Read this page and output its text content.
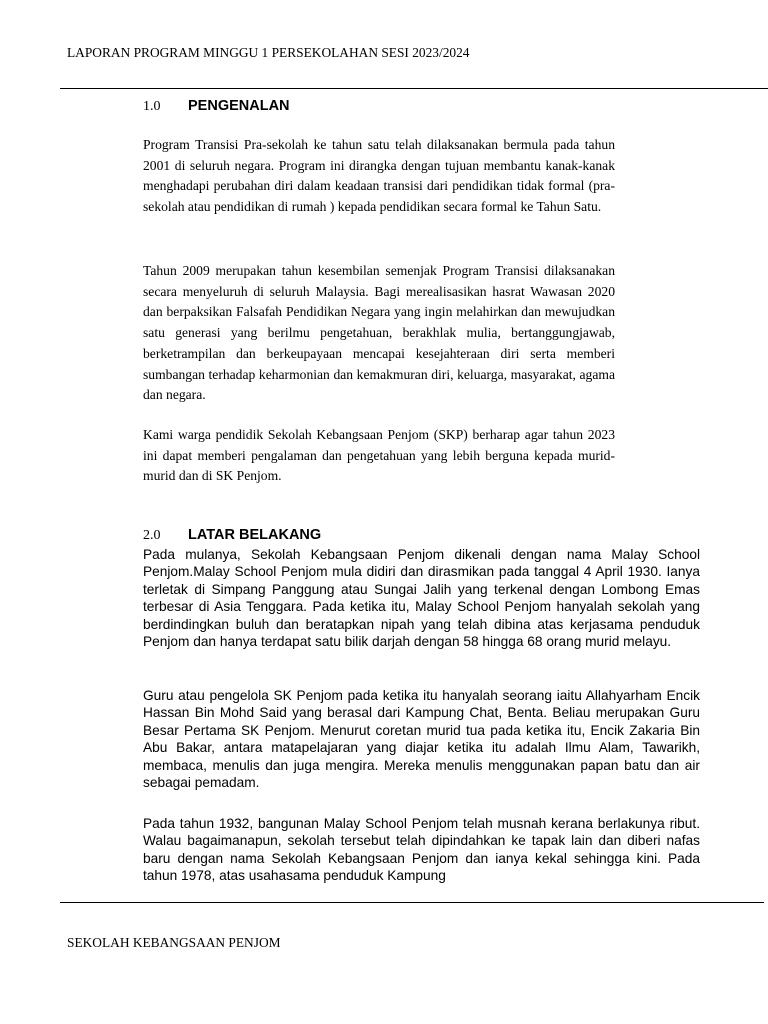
LAPORAN PROGRAM MINGGU 1 PERSEKOLAHAN SESI 2023/2024
1.0 PENGENALAN

Program Transisi Pra-sekolah ke tahun satu telah dilaksanakan bermula pada tahun 2001 di seluruh negara. Program ini dirangka dengan tujuan membantu kanak-kanak menghadapi perubahan diri dalam keadaan transisi dari pendidikan tidak formal (pra-sekolah atau pendidikan di rumah ) kepada pendidikan secara formal ke Tahun Satu.

Tahun 2009 merupakan tahun kesembilan semenjak Program Transisi dilaksanakan secara menyeluruh di seluruh Malaysia. Bagi merealisasikan hasrat Wawasan 2020 dan berpaksikan Falsafah Pendidikan Negara yang ingin melahirkan dan mewujudkan satu generasi yang berilmu pengetahuan, berakhlak mulia, bertanggungjawab, berketrampilan dan berkeupayaan mencapai kesejahteraan diri serta memberi sumbangan terhadap keharmonian dan kemakmuran diri, keluarga, masyarakat, agama dan negara.

Kami warga pendidik Sekolah Kebangsaan Penjom (SKP) berharap agar tahun 2023 ini dapat memberi pengalaman dan pengetahuan yang lebih berguna kepada murid-murid dan di SK Penjom.

2.0 LATAR BELAKANG

Pada mulanya, Sekolah Kebangsaan Penjom dikenali dengan nama Malay School Penjom.Malay School Penjom mula didiri dan dirasmikan pada tanggal 4 April 1930. Ianya terletak di Simpang Panggung atau Sungai Jalih yang terkenal dengan Lombong Emas terbesar di Asia Tenggara. Pada ketika itu, Malay School Penjom hanyalah sekolah yang berdindingkan buluh dan beratapkan nipah yang telah dibina atas kerjasama penduduk Penjom dan hanya terdapat satu bilik darjah dengan 58 hingga 68 orang murid melayu.

Guru atau pengelola SK Penjom pada ketika itu hanyalah seorang iaitu Allahyarham Encik Hassan Bin Mohd Said yang berasal dari Kampung Chat, Benta. Beliau merupakan Guru Besar Pertama SK Penjom. Menurut coretan murid tua pada ketika itu, Encik Zakaria Bin Abu Bakar, antara matapelajaran yang diajar ketika itu adalah Ilmu Alam, Tawarikh, membaca, menulis dan juga mengira. Mereka menulis menggunakan papan batu dan air sebagai pemadam.

Pada tahun 1932, bangunan Malay School Penjom telah musnah kerana berlakunya ribut. Walau bagaimanapun, sekolah tersebut telah dipindahkan ke tapak lain dan diberi nafas baru dengan nama Sekolah Kebangsaan Penjom dan ianya kekal sehingga kini. Pada tahun 1978, atas usahasama penduduk Kampung

SEKOLAH KEBANGSAAN PENJOM
